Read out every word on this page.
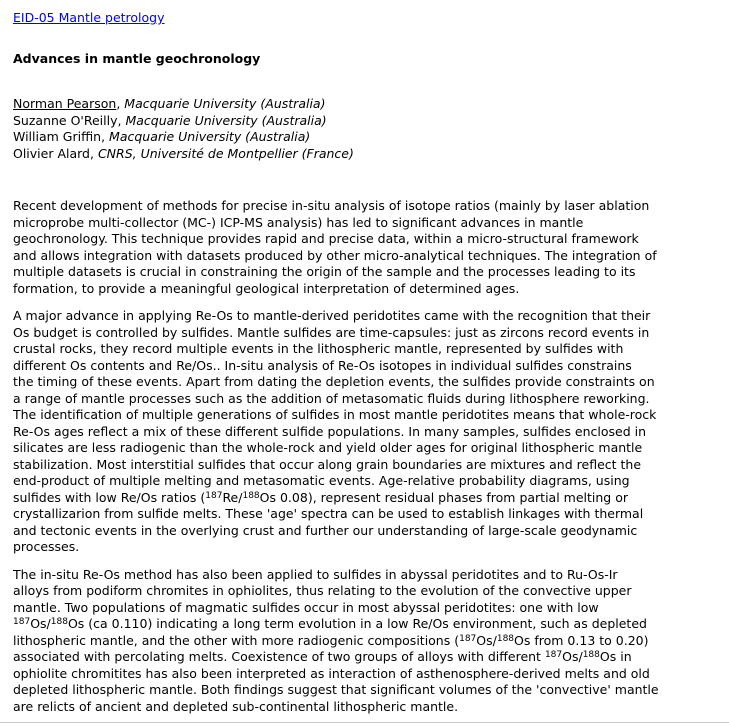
EID-05 Mantle petrology
Advances in mantle geochronology
Norman Pearson, Macquarie University (Australia)
Suzanne O'Reilly, Macquarie University (Australia)
William Griffin, Macquarie University (Australia)
Olivier Alard, CNRS, Université de Montpellier (France)
Recent development of methods for precise in-situ analysis of isotope ratios (mainly by laser ablation
microprobe multi-collector (MC-) ICP-MS analysis) has led to significant advances in mantle
geochronology. This technique provides rapid and precise data, within a micro-structural framework
and allows integration with datasets produced by other micro-analytical techniques. The integration of
multiple datasets is crucial in constraining the origin of the sample and the processes leading to its
formation, to provide a meaningful geological interpretation of determined ages.
A major advance in applying Re-Os to mantle-derived peridotites came with the recognition that their
Os budget is controlled by sulfides. Mantle sulfides are time-capsules: just as zircons record events in
crustal rocks, they record multiple events in the lithospheric mantle, represented by sulfides with
different Os contents and Re/Os.. In-situ analysis of Re-Os isotopes in individual sulfides constrains
the timing of these events. Apart from dating the depletion events, the sulfides provide constraints on
a range of mantle processes such as the addition of metasomatic fluids during lithosphere reworking.
The identification of multiple generations of sulfides in most mantle peridotites means that whole-rock
Re-Os ages reflect a mix of these different sulfide populations. In many samples, sulfides enclosed in
silicates are less radiogenic than the whole-rock and yield older ages for original lithospheric mantle
stabilization. Most interstitial sulfides that occur along grain boundaries are mixtures and reflect the
end-product of multiple melting and metasomatic events. Age-relative probability diagrams, using
sulfides with low Re/Os ratios ($^{187}$Re/$^{188}$Os 0.08), represent residual phases from partial melting or
crystallizarion from sulfide melts. These 'age' spectra can be used to establish linkages with thermal
and tectonic events in the overlying crust and further our understanding of large-scale geodynamic
processes.
The in-situ Re-Os method has also been applied to sulfides in abyssal peridotites and to Ru-Os-Ir
alloys from podiform chromites in ophiolites, thus relating to the evolution of the convective upper
mantle. Two populations of magmatic sulfides occur in most abyssal peridotites: one with low
$^{187}$Os/$^{188}$Os (ca 0.110) indicating a long term evolution in a low Re/Os environment, such as depleted
lithospheric mantle, and the other with more radiogenic compositions ($^{187}$Os/$^{188}$Os from 0.13 to 0.20)
associated with percolating melts. Coexistence of two groups of alloys with different $^{187}$Os/$^{188}$Os in
ophiolite chromitites has also been interpreted as interaction of asthenosphere-derived melts and old
depleted lithospheric mantle. Both findings suggest that significant volumes of the 'convective' mantle
are relicts of ancient and depleted sub-continental lithospheric mantle.
